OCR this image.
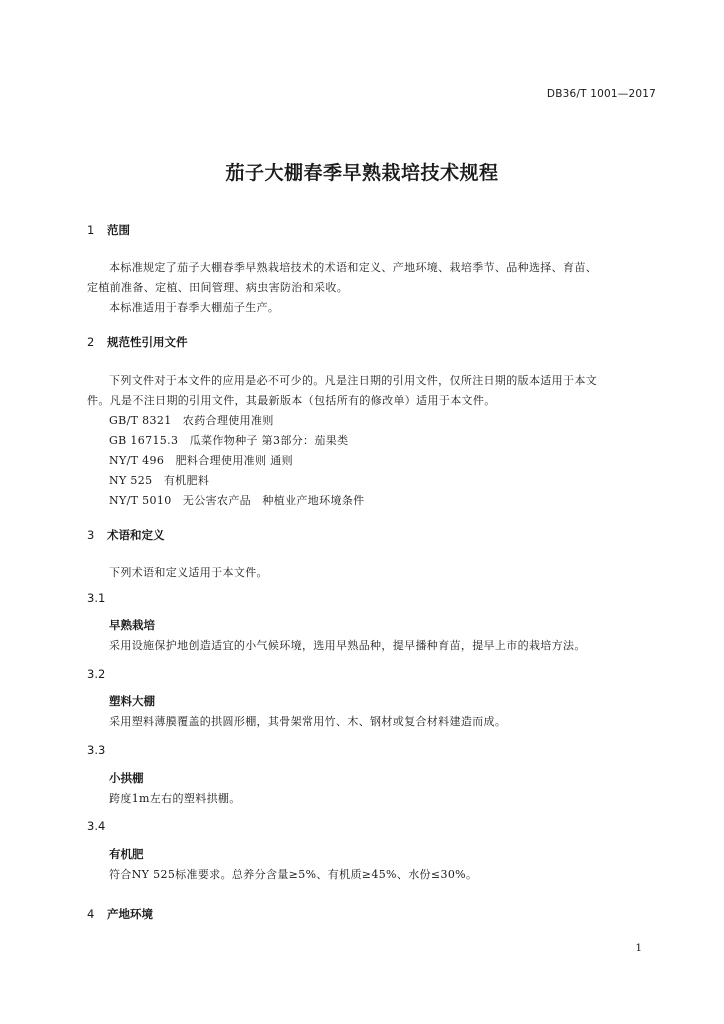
DB36/T 1001—2017
茄子大棚春季早熟栽培技术规程
1 范围
本标准规定了茄子大棚春季早熟栽培技术的术语和定义、产地环境、栽培季节、品种选择、育苗、
定植前准备、定植、田间管理、病虫害防治和采收。
本标准适用于春季大棚茄子生产。
2 规范性引用文件
下列文件对于本文件的应用是必不可少的。凡是注日期的引用文件，仅所注日期的版本适用于本文
件。凡是不注日期的引用文件，其最新版本（包括所有的修改单）适用于本文件。
GB/T 8321　农药合理使用准则
GB 16715.3　瓜菜作物种子 第3部分：茄果类
NY/T 496　肥料合理使用准则 通则
NY 525　有机肥料
NY/T 5010　无公害农产品　种植业产地环境条件
3 术语和定义
下列术语和定义适用于本文件。
3.1
早熟栽培
采用设施保护地创造适宜的小气候环境，选用早熟品种，提早播种育苗，提早上市的栽培方法。
3.2
塑料大棚
采用塑料薄膜覆盖的拱圆形棚，其骨架常用竹、木、钢材或复合材料建造而成。
3.3
小拱棚
跨度1m左右的塑料拱棚。
3.4
有机肥
符合NY 525标准要求。总养分含量≥5%、有机质≥45%、水份≤30%。
4 产地环境
1
